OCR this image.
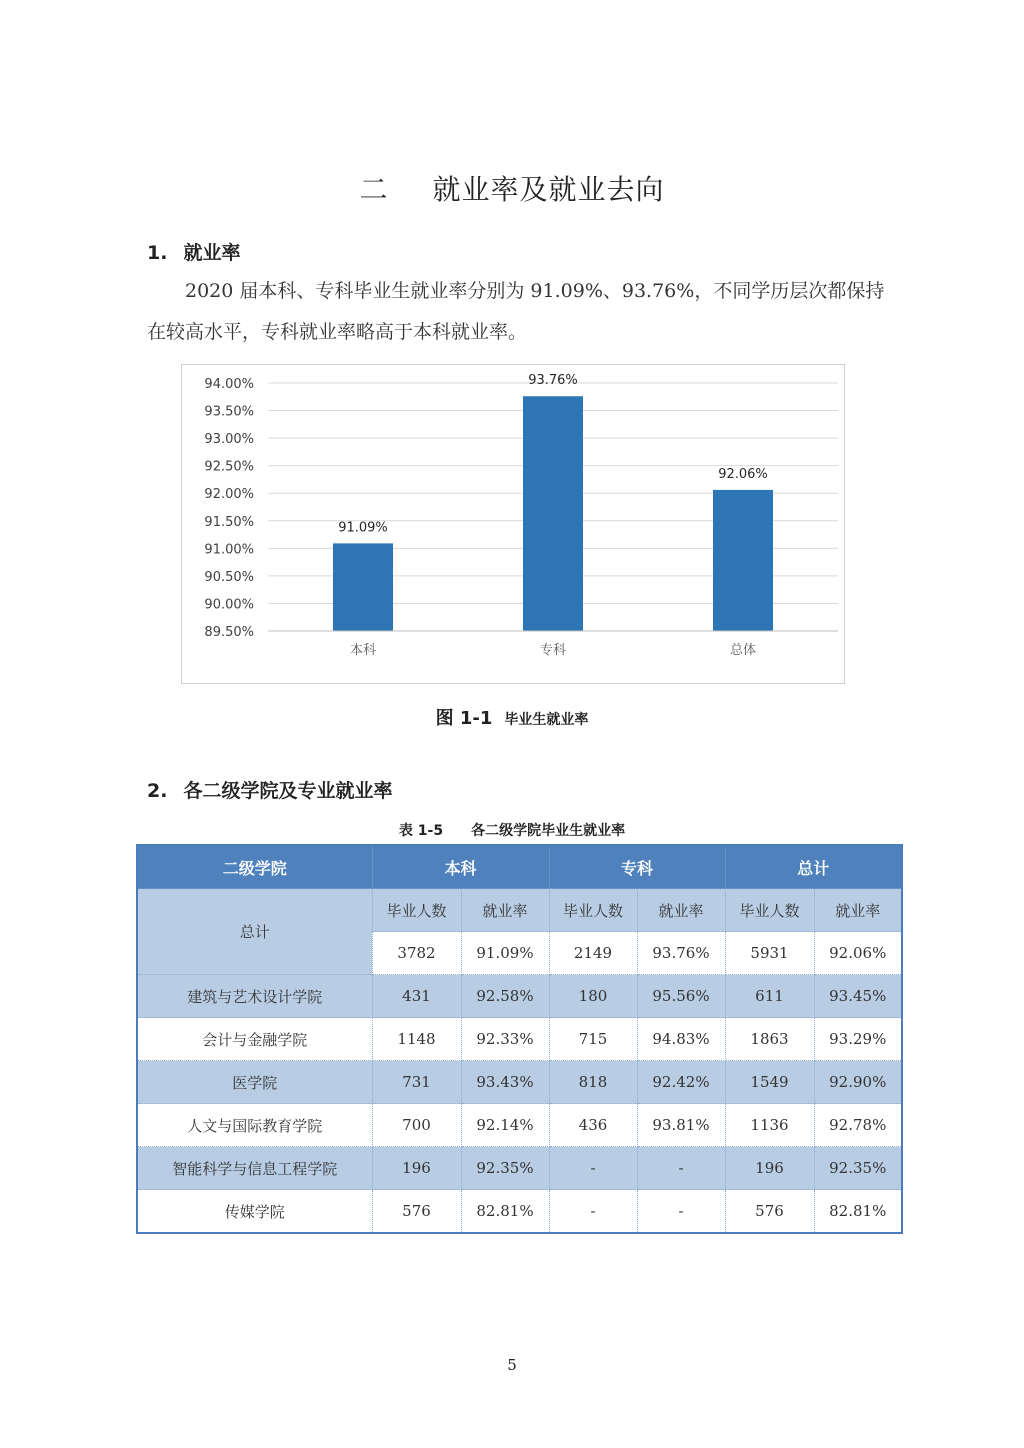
二 就业率及就业去向
1. 就业率
2020 届本科、专科毕业生就业率分别为 91.09%、93.76%，不同学历层次都保持
在较高水平，专科就业率略高于本科就业率。
94.00%
93.50%
93.00%
92.50%
92.00%
91.50%
91.00%
90.50%
90.00%
89.50%
91.09%
本科
93.76%
专科
92.06%
总体
图 1-1 毕业生就业率
2. 各二级学院及专业就业率
表 1-5 各二级学院毕业生就业率
二级学院	本科		专科		总计	
总计	毕业人数	就业率	毕业人数	就业率	毕业人数	就业率
	3782	91.09%	2149	93.76%	5931	92.06%
建筑与艺术设计学院	431	92.58%	180	95.56%	611	93.45%
会计与金融学院	1148	92.33%	715	94.83%	1863	93.29%
医学院	731	93.43%	818	92.42%	1549	92.90%
人文与国际教育学院	700	92.14%	436	93.81%	1136	92.78%
智能科学与信息工程学院	196	92.35%	-	-	196	92.35%
传媒学院	576	82.81%	-	-	576	82.81%
5
